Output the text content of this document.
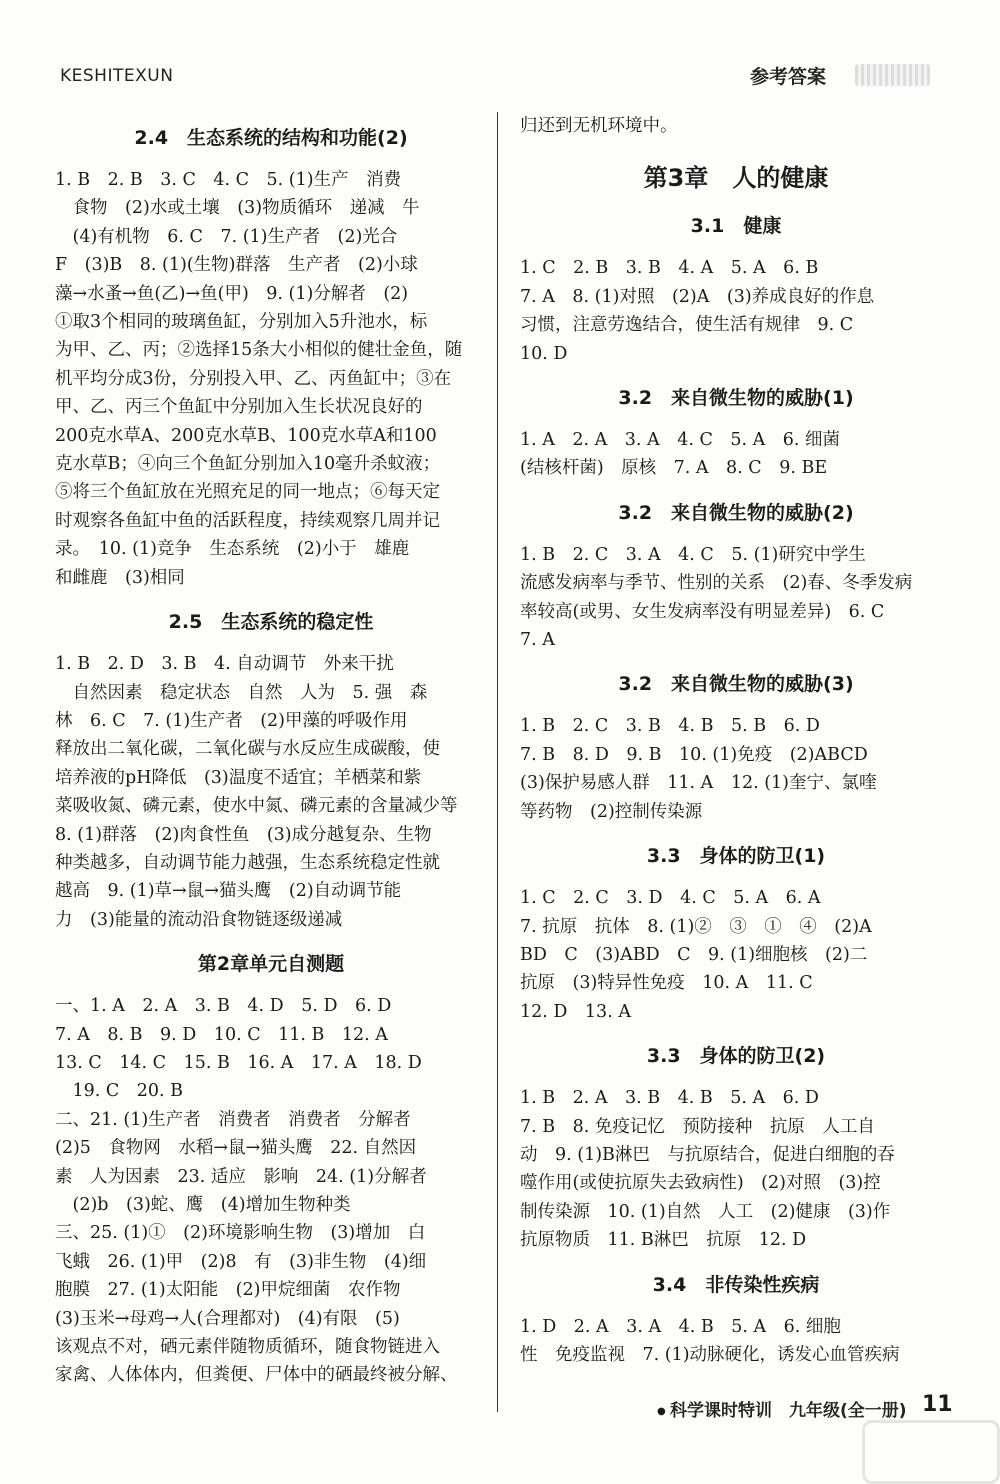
KESHITEXUN	参考答案
2.4　生态系统的结构和功能(2)

1. B　2. B　3. C　4. C　5. (1)生产　消费

　食物　(2)水或土壤　(3)物质循环　递减　牛

　(4)有机物　6. C　7. (1)生产者　(2)光合

F　(3)B　8. (1)(生物)群落　生产者　(2)小球

藻→水蚤→鱼(乙)→鱼(甲)　9. (1)分解者　(2)

①取3个相同的玻璃鱼缸，分别加入5升池水，标

为甲、乙、丙；②选择15条大小相似的健壮金鱼，随

机平均分成3份，分别投入甲、乙、丙鱼缸中；③在

甲、乙、丙三个鱼缸中分别加入生长状况良好的

200克水草A、200克水草B、100克水草A和100

克水草B；④向三个鱼缸分别加入10毫升杀蚊液；

⑤将三个鱼缸放在光照充足的同一地点；⑥每天定

时观察各鱼缸中鱼的活跃程度，持续观察几周并记

录。　10. (1)竞争　生态系统　(2)小于　雄鹿

和雌鹿　(3)相同

2.5　生态系统的稳定性

1. B　2. D　3. B　4. 自动调节　外来干扰

　自然因素　稳定状态　自然　人为　5. 强　森

林　6. C　7. (1)生产者　(2)甲藻的呼吸作用

释放出二氧化碳，二氧化碳与水反应生成碳酸，使

培养液的pH降低　(3)温度不适宜；羊栖菜和紫

菜吸收氮、磷元素，使水中氮、磷元素的含量减少等

8. (1)群落　(2)肉食性鱼　(3)成分越复杂、生物

种类越多，自动调节能力越强，生态系统稳定性就

越高　9. (1)草→鼠→猫头鹰　(2)自动调节能

力　(3)能量的流动沿食物链逐级递减

第2章单元自测题

一、1. A　2. A　3. B　4. D　5. D　6. D

7. A　8. B　9. D　10. C　11. B　12. A

13. C　14. C　15. B　16. A　17. A　18. D

　19. C　20. B

二、21. (1)生产者　消费者　消费者　分解者

(2)5　食物网　水稻→鼠→猫头鹰　22. 自然因

素　人为因素　23. 适应　影响　24. (1)分解者

　(2)b　(3)蛇、鹰　(4)增加生物种类

三、25. (1)①　(2)环境影响生物　(3)增加　白

飞蛾　26. (1)甲　(2)8　有　(3)非生物　(4)细

胞膜　27. (1)太阳能　(2)甲烷细菌　农作物

(3)玉米→母鸡→人(合理都对)　(4)有限　(5)

该观点不对，硒元素伴随物质循环，随食物链进入

家禽、人体体内，但粪便、尸体中的硒最终被分解、

归还到无机环境中。

第3章　人的健康
3.1　健康

1. C　2. B　3. B　4. A　5. A　6. B

7. A　8. (1)对照　(2)A　(3)养成良好的作息

习惯，注意劳逸结合，使生活有规律　9. C

10. D

3.2　来自微生物的威胁(1)

1. A　2. A　3. A　4. C　5. A　6. 细菌

(结核杆菌)　原核　7. A　8. C　9. BE

3.2　来自微生物的威胁(2)

1. B　2. C　3. A　4. C　5. (1)研究中学生

流感发病率与季节、性别的关系　(2)春、冬季发病

率较高(或男、女生发病率没有明显差异)　6. C

7. A

3.2　来自微生物的威胁(3)

1. B　2. C　3. B　4. B　5. B　6. D

7. B　8. D　9. B　10. (1)免疫　(2)ABCD

(3)保护易感人群　11. A　12. (1)奎宁、氯喹

等药物　(2)控制传染源

3.3　身体的防卫(1)

1. C　2. C　3. D　4. C　5. A　6. A

7. 抗原　抗体　8. (1)②　③　①　④　(2)A

BD　C　(3)ABD　C　9. (1)细胞核　(2)二

抗原　(3)特异性免疫　10. A　11. C

12. D　13. A

3.3　身体的防卫(2)

1. B　2. A　3. B　4. B　5. A　6. D

7. B　8. 免疫记忆　预防接种　抗原　人工自

动　9. (1)B淋巴　与抗原结合，促进白细胞的吞

噬作用(或使抗原失去致病性)　(2)对照　(3)控

制传染源　10. (1)自然　人工　(2)健康　(3)作

抗原物质　11. B淋巴　抗原　12. D

3.4　非传染性疾病

1. D　2. A　3. A　4. B　5. A　6. 细胞

性　免疫监视　7. (1)动脉硬化，诱发心血管疾病

● 科学课时特训　九年级(全一册) 11
